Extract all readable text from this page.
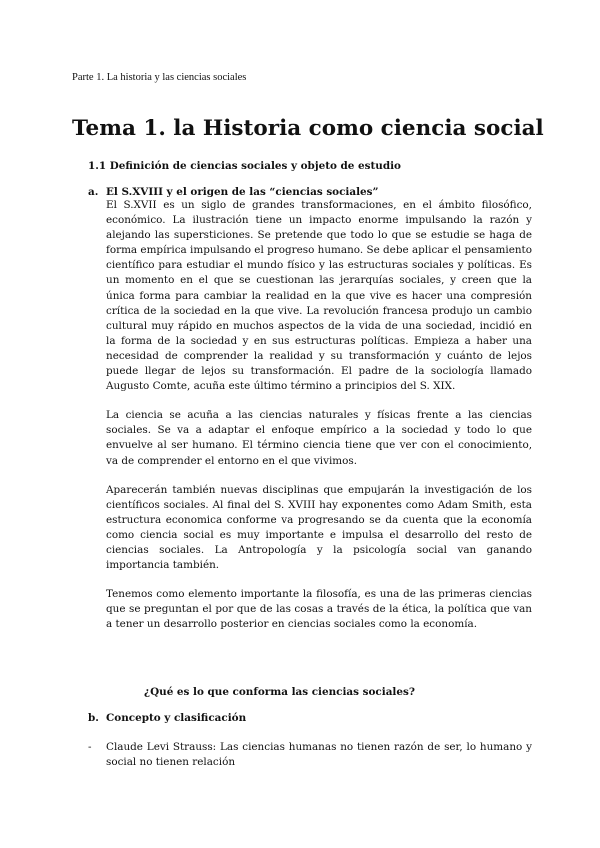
Parte 1. La historia y las ciencias sociales
Tema 1. la Historia como ciencia social
1.1 Definición de ciencias sociales y objeto de estudio
a. El S.XVIII y el origen de las “ciencias sociales”

El S.XVII es un siglo de grandes transformaciones, en el ámbito filosófico, económico. La ilustración tiene un impacto enorme impulsando la razón y alejando las supersticiones. Se pretende que todo lo que se estudie se haga de forma empírica impulsando el progreso humano. Se debe aplicar el pensamiento científico para estudiar el mundo físico y las estructuras sociales y políticas. Es un momento en el que se cuestionan las jerarquías sociales, y creen que la única forma para cambiar la realidad en la que vive es hacer una compresión crítica de la sociedad en la que vive. La revolución francesa produjo un cambio cultural muy rápido en muchos aspectos de la vida de una sociedad, incidió en la forma de la sociedad y en sus estructuras políticas. Empieza a haber una necesidad de comprender la realidad y su transformación y cuánto de lejos puede llegar de lejos su transformación. El padre de la sociología llamado Augusto Comte, acuña este último término a principios del S. XIX.

La ciencia se acuña a las ciencias naturales y físicas frente a las ciencias sociales. Se va a adaptar el enfoque empírico a la sociedad y todo lo que envuelve al ser humano. El término ciencia tiene que ver con el conocimiento, va de comprender el entorno en el que vivimos.

Aparecerán también nuevas disciplinas que empujarán la investigación de los científicos sociales. Al final del S. XVIII hay exponentes como Adam Smith, esta estructura economica conforme va progresando se da cuenta que la economía como ciencia social es muy importante e impulsa el desarrollo del resto de ciencias sociales. La Antropología y la psicología social van ganando importancia también.

Tenemos como elemento importante la filosofía, es una de las primeras ciencias que se preguntan el por que de las cosas a través de la ética, la política que van a tener un desarrollo posterior en ciencias sociales como la economía.

¿Qué es lo que conforma las ciencias sociales?
b. Concepto y clasificación
- Claude Levi Strauss: Las ciencias humanas no tienen razón de ser, lo humano y social no tienen relación
